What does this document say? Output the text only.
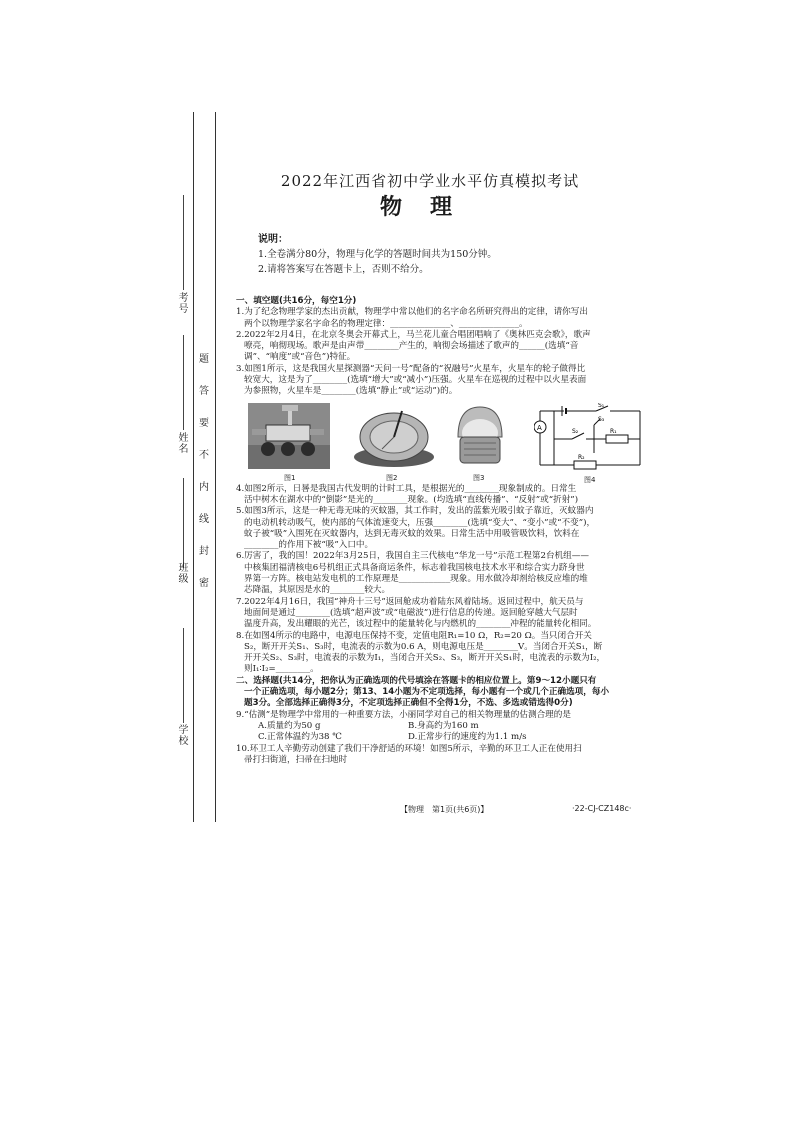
考号
姓名
班级
学校
题
答
要
不
内
线
封
密
2022年江西省初中学业水平仿真模拟考试
物理
说明：
1.全卷满分80分，物理与化学的答题时间共为150分钟。
2.请将答案写在答题卡上，否则不给分。

一、填空题(共16分，每空1分)

1.为了纪念物理学家的杰出贡献，物理学中常以他们的名字命名所研究得出的定律，请你写出

两个以物理学家名字命名的物理定律：______________、______________。

2.2022年2月4日，在北京冬奥会开幕式上，马兰花儿童合唱团唱响了《奥林匹克会歌》，歌声

嘹亮，响彻现场。歌声是由声带________产生的，响彻会场描述了歌声的______(选填“音

调”、“响度”或“音色”)特征。

3.如图1所示，这是我国火星探测器“天问一号”配备的“祝融号”火星车，火星车的轮子做得比

较宽大，这是为了________(选填“增大”或“减小”)压强。火星车在巡视的过程中以火星表面

为参照物，火星车是________(选填“静止”或“运动”)的。

4.如图2所示，日晷是我国古代发明的计时工具，是根据光的________现象制成的。日常生

活中树木在湖水中的“倒影”是光的________现象。(均选填“直线传播”、“反射”或“折射”)

5.如图3所示，这是一种无毒无味的灭蚊器，其工作时，发出的蓝紫光吸引蚊子靠近，灭蚊器内

的电动机转动吸气，使内部的气体流速变大，压强________(选填“变大”、“变小”或“不变”)，

蚊子被“吸”入围死在灭蚊器内，达到无毒灭蚊的效果。日常生活中用吸管吸饮料，饮料在

________的作用下被“吸”入口中。

6.厉害了，我的国！2022年3月25日，我国自主三代核电“华龙一号”示范工程第2台机组——

中核集团福清核电6号机组正式具备商运条件，标志着我国核电技术水平和综合实力跻身世

界第一方阵。核电站发电机的工作原理是____________现象。用水做冷却剂给核反应堆的堆

芯降温，其原因是水的________较大。

7.2022年4月16日，我国“神舟十三号”返回舱成功着陆东风着陆场。返回过程中，航天员与

地面间是通过________(选填“超声波”或“电磁波”)进行信息的传递。返回舱穿越大气层时

温度升高，发出耀眼的光芒，该过程中的能量转化与内燃机的________冲程的能量转化相同。

8.在如图4所示的电路中，电源电压保持不变，定值电阻R₁=10 Ω，R₂=20 Ω。当只闭合开关

S₂，断开开关S₁、S₃时，电流表的示数为0.6 A，则电源电压是________V。当闭合开关S₁，断

开开关S₂、S₃时，电流表的示数为I₁，当闭合开关S₂、S₃，断开开关S₁时，电流表的示数为I₂，

则I₁∶I₂=________。

二、选择题(共14分，把你认为正确选项的代号填涂在答题卡的相应位置上。第9～12小题只有

一个正确选项，每小题2分；第13、14小题为不定项选择，每小题有一个或几个正确选项，每小

题3分。全部选择正确得3分，不定项选择正确但不全得1分，不选、多选或错选得0分)

9.“估测”是物理学中常用的一种重要方法，小丽同学对自己的相关物理量的估测合理的是

A.质量约为50 g	B.身高约为160 m
C.正常体温约为38 ℃	D.正常步行的速度约为1.1 m/s

10.环卫工人辛勤劳动创建了我们干净舒适的环境！如图5所示，辛勤的环卫工人正在使用扫

帚打扫街道，扫帚在扫地时

A
S₁
S₂
S₃
R₁
R₂
图1	图2	图3	图4
【物理　第1页(共6页)】	·22-CJ-CZ148c·
